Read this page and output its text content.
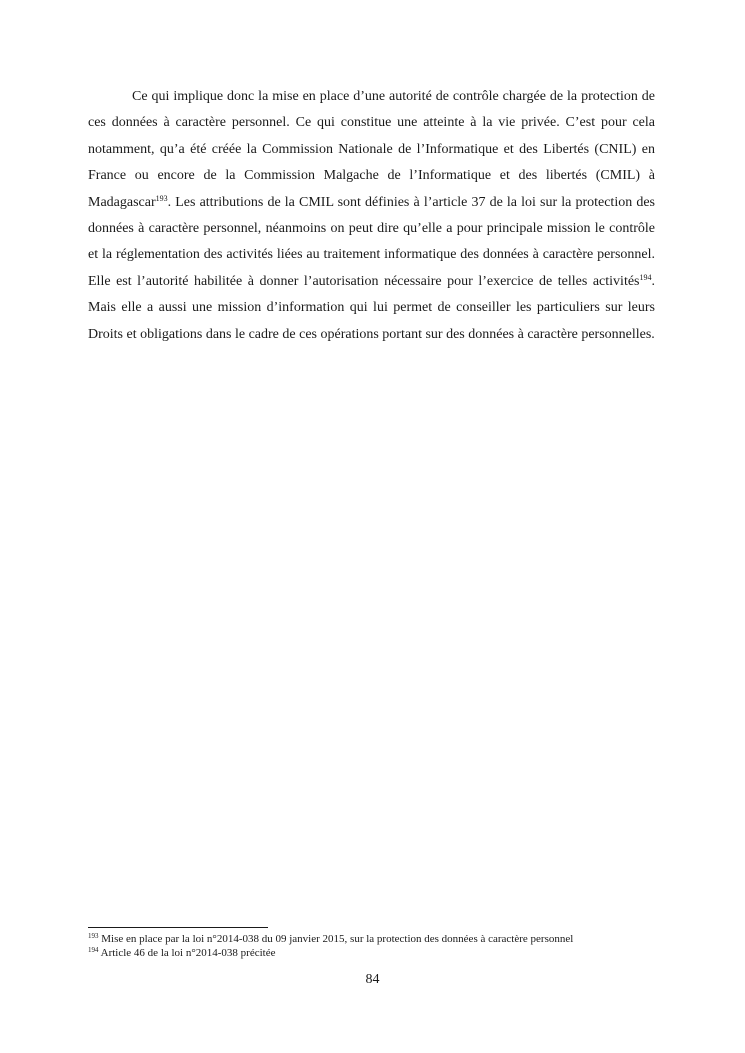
Ce qui implique donc la mise en place d’une autorité de contrôle chargée de la protection de ces données à caractère personnel. Ce qui constitue une atteinte à la vie privée. C’est pour cela notamment, qu’a été créée la Commission Nationale de l’Informatique et des Libertés (CNIL) en France ou encore de la Commission Malgache de l’Informatique et des libertés (CMIL) à Madagascar$^{193}$. Les attributions de la CMIL sont définies à l’article 37 de la loi sur la protection des données à caractère personnel, néanmoins on peut dire qu’elle a pour principale mission le contrôle et la réglementation des activités liées au traitement informatique des données à caractère personnel. Elle est l’autorité habilitée à donner l’autorisation nécessaire pour l’exercice de telles activités$^{194}$. Mais elle a aussi une mission d’information qui lui permet de conseiller les particuliers sur leurs Droits et obligations dans le cadre de ces opérations portant sur des données à caractère personnelles.

$^{193}$ Mise en place par la loi n°2014-038 du 09 janvier 2015, sur la protection des données à caractère personnel
$^{194}$ Article 46 de la loi n°2014-038 précitée
84
